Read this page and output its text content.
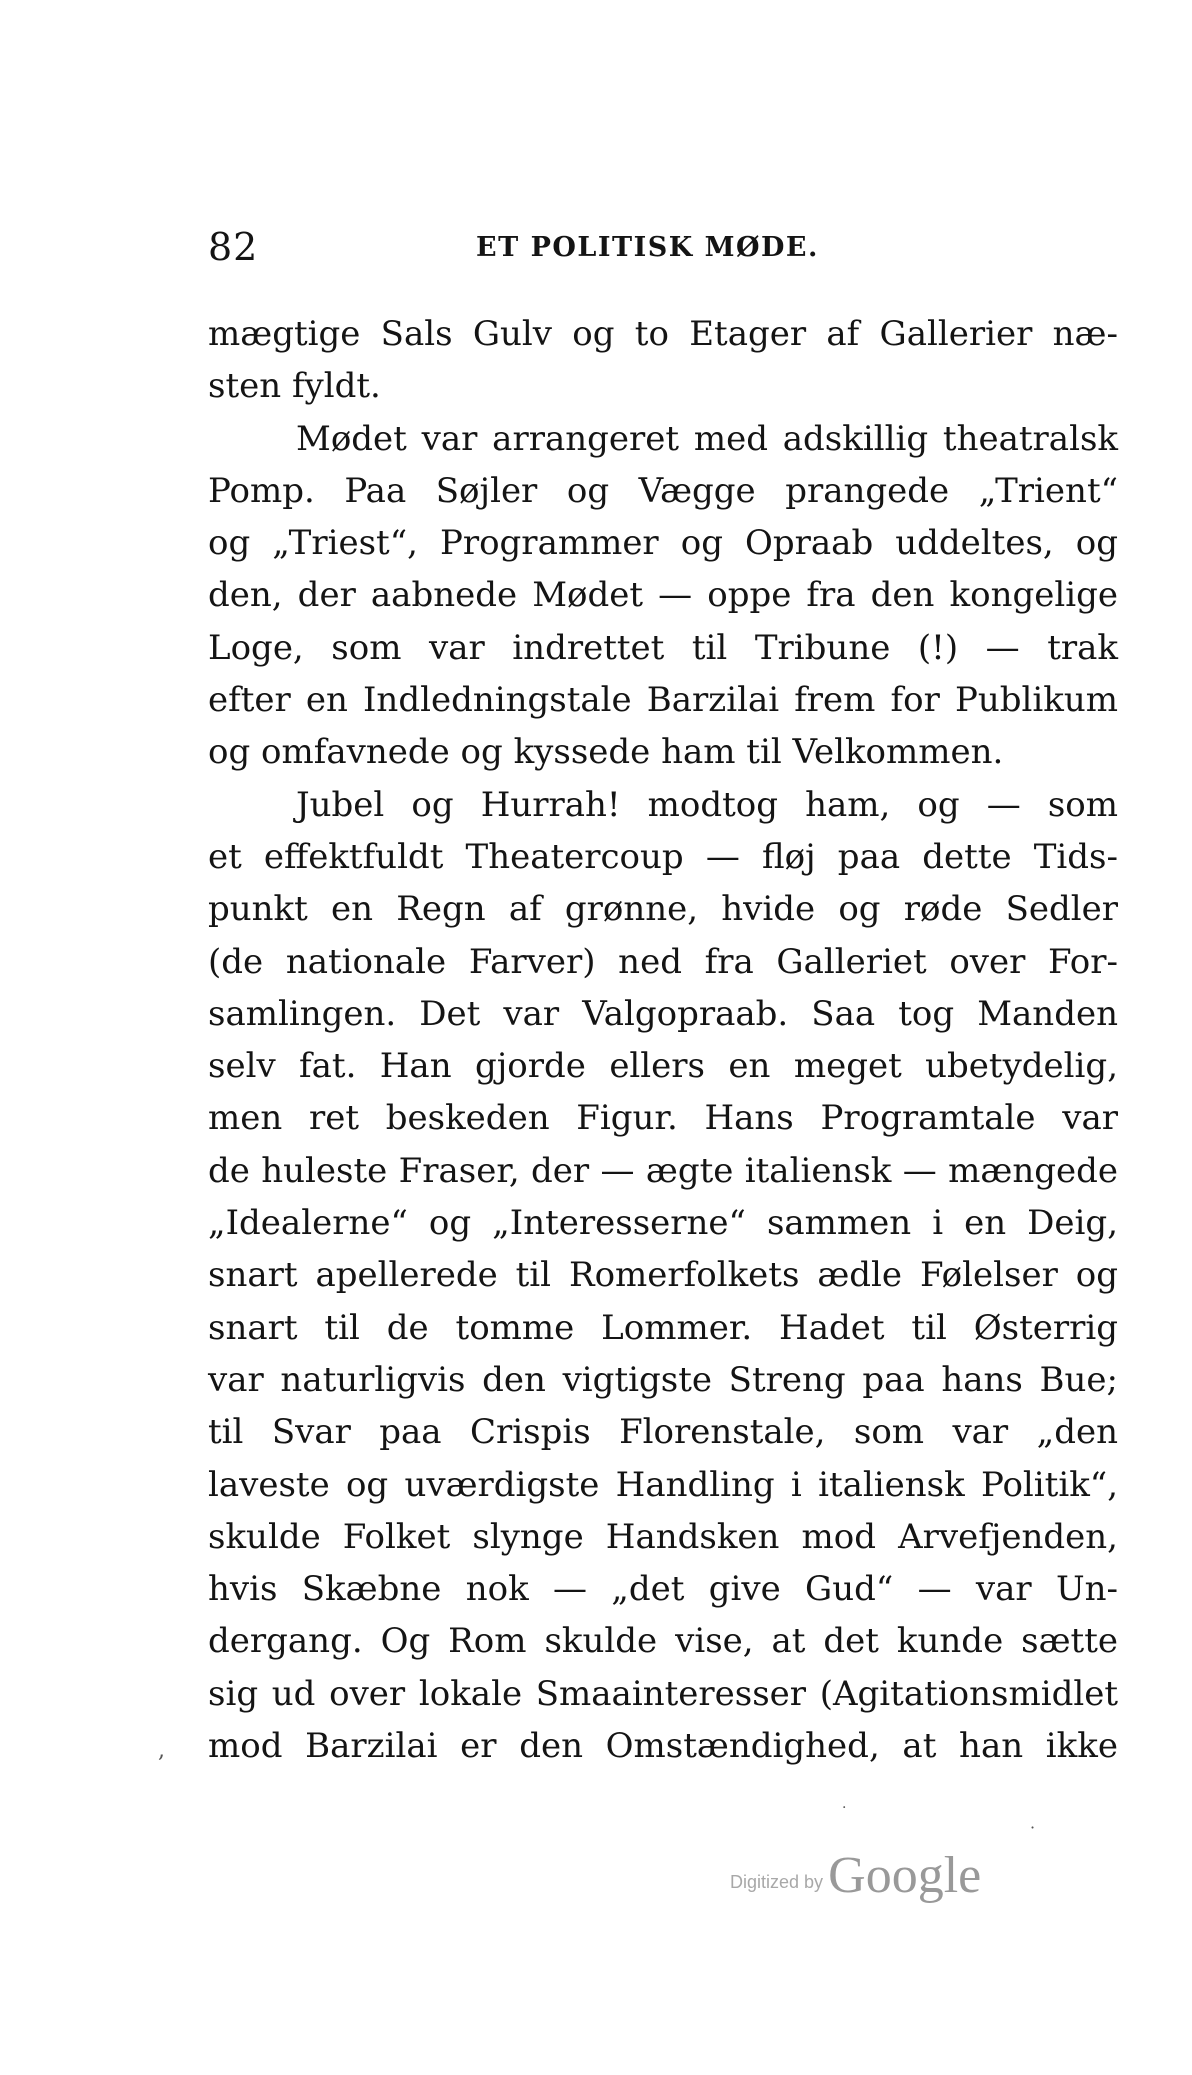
82	ET POLITISK MØDE.
mægtige Sals Gulv og to Etager af Gallerier næ-
sten fyldt.
Mødet var arrangeret med adskillig theatralsk
Pomp. Paa Søjler og Vægge prangede „Trient“
og „Triest“, Programmer og Opraab uddeltes, og
den, der aabnede Mødet — oppe fra den kongelige
Loge, som var indrettet til Tribune (!) — trak
efter en Indledningstale Barzilai frem for Publikum
og omfavnede og kyssede ham til Velkommen.
Jubel og Hurrah! modtog ham, og — som
et effektfuldt Theatercoup — fløj paa dette Tids-
punkt en Regn af grønne, hvide og røde Sedler
(de nationale Farver) ned fra Galleriet over For-
samlingen. Det var Valgopraab. Saa tog Manden
selv fat. Han gjorde ellers en meget ubetydelig,
men ret beskeden Figur. Hans Programtale var
de huleste Fraser, der — ægte italiensk — mængede
„Idealerne“ og „Interesserne“ sammen i en Deig,
snart apellerede til Romerfolkets ædle Følelser og
snart til de tomme Lommer. Hadet til Østerrig
var naturligvis den vigtigste Streng paa hans Bue;
til Svar paa Crispis Florenstale, som var „den
laveste og uværdigste Handling i italiensk Politik“,
skulde Folket slynge Handsken mod Arvefjenden,
hvis Skæbne nok — „det give Gud“ — var Un-
dergang. Og Rom skulde vise, at det kunde sætte
sig ud over lokale Smaainteresser (Agitationsmidlet
mod Barzilai er den Omstændighed, at han ikke
,
·
·
Digitized by Google
